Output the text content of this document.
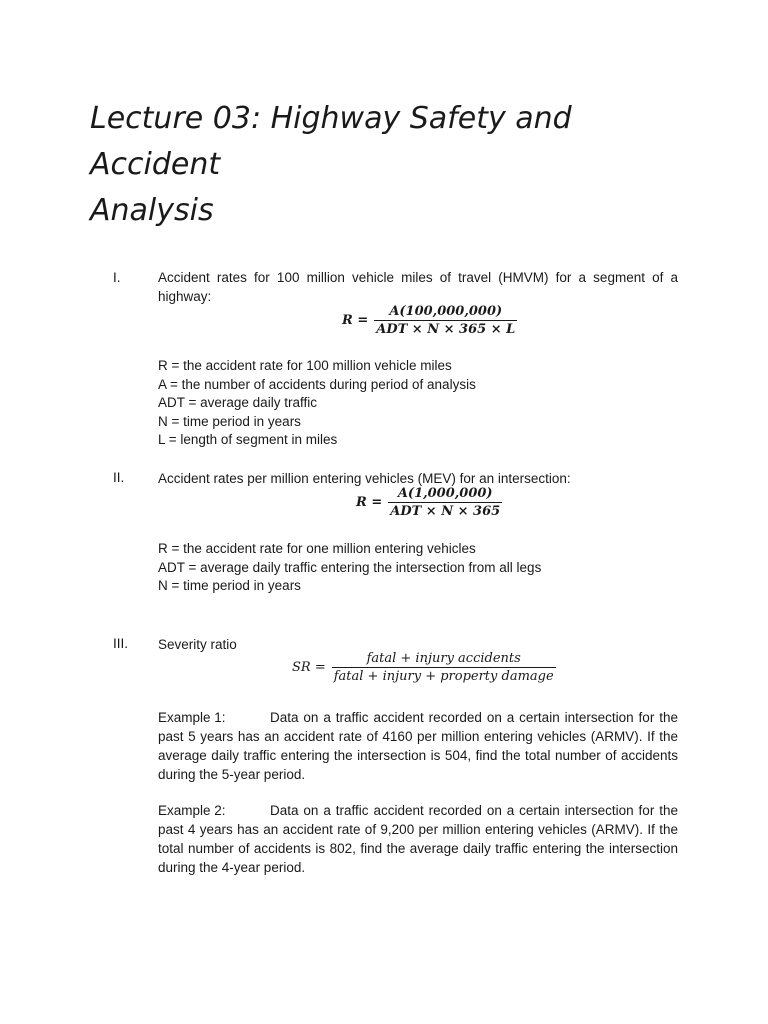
Lecture 03: Highway Safety and Accident
Analysis
I.	Accident rates for 100 million vehicle miles of travel (HMVM) for a segment of a highway:
$R = \frac{A(100,000,000)}{\text{ADT × N × 365 × L}}$
R = the accident rate for 100 million vehicle miles
A = the number of accidents during period of analysis
ADT = average daily traffic
N = time period in years
L = length of segment in miles
II. Accident rates per million entering vehicles (MEV) for an intersection:
$R = \frac{A(1,000,000)}{\text{ADT × N × 365}}$
R = the accident rate for one million entering vehicles
ADT = average daily traffic entering the intersection from all legs
N = time period in years
III. Severity ratio
SR = $\frac{\text{fatal + injury accidents}}{\text{fatal + injury + property damage}}$
Example 1:	Data on a traffic accident recorded on a certain intersection for the past 5 years has an accident rate of 4160 per million entering vehicles (ARMV). If the average daily traffic entering the intersection is 504, find the total number of accidents during the 5-year period.
Example 2:	Data on a traffic accident recorded on a certain intersection for the past 4 years has an accident rate of 9,200 per million entering vehicles (ARMV). If the total number of accidents is 802, find the average daily traffic entering the intersection during the 4-year period.
